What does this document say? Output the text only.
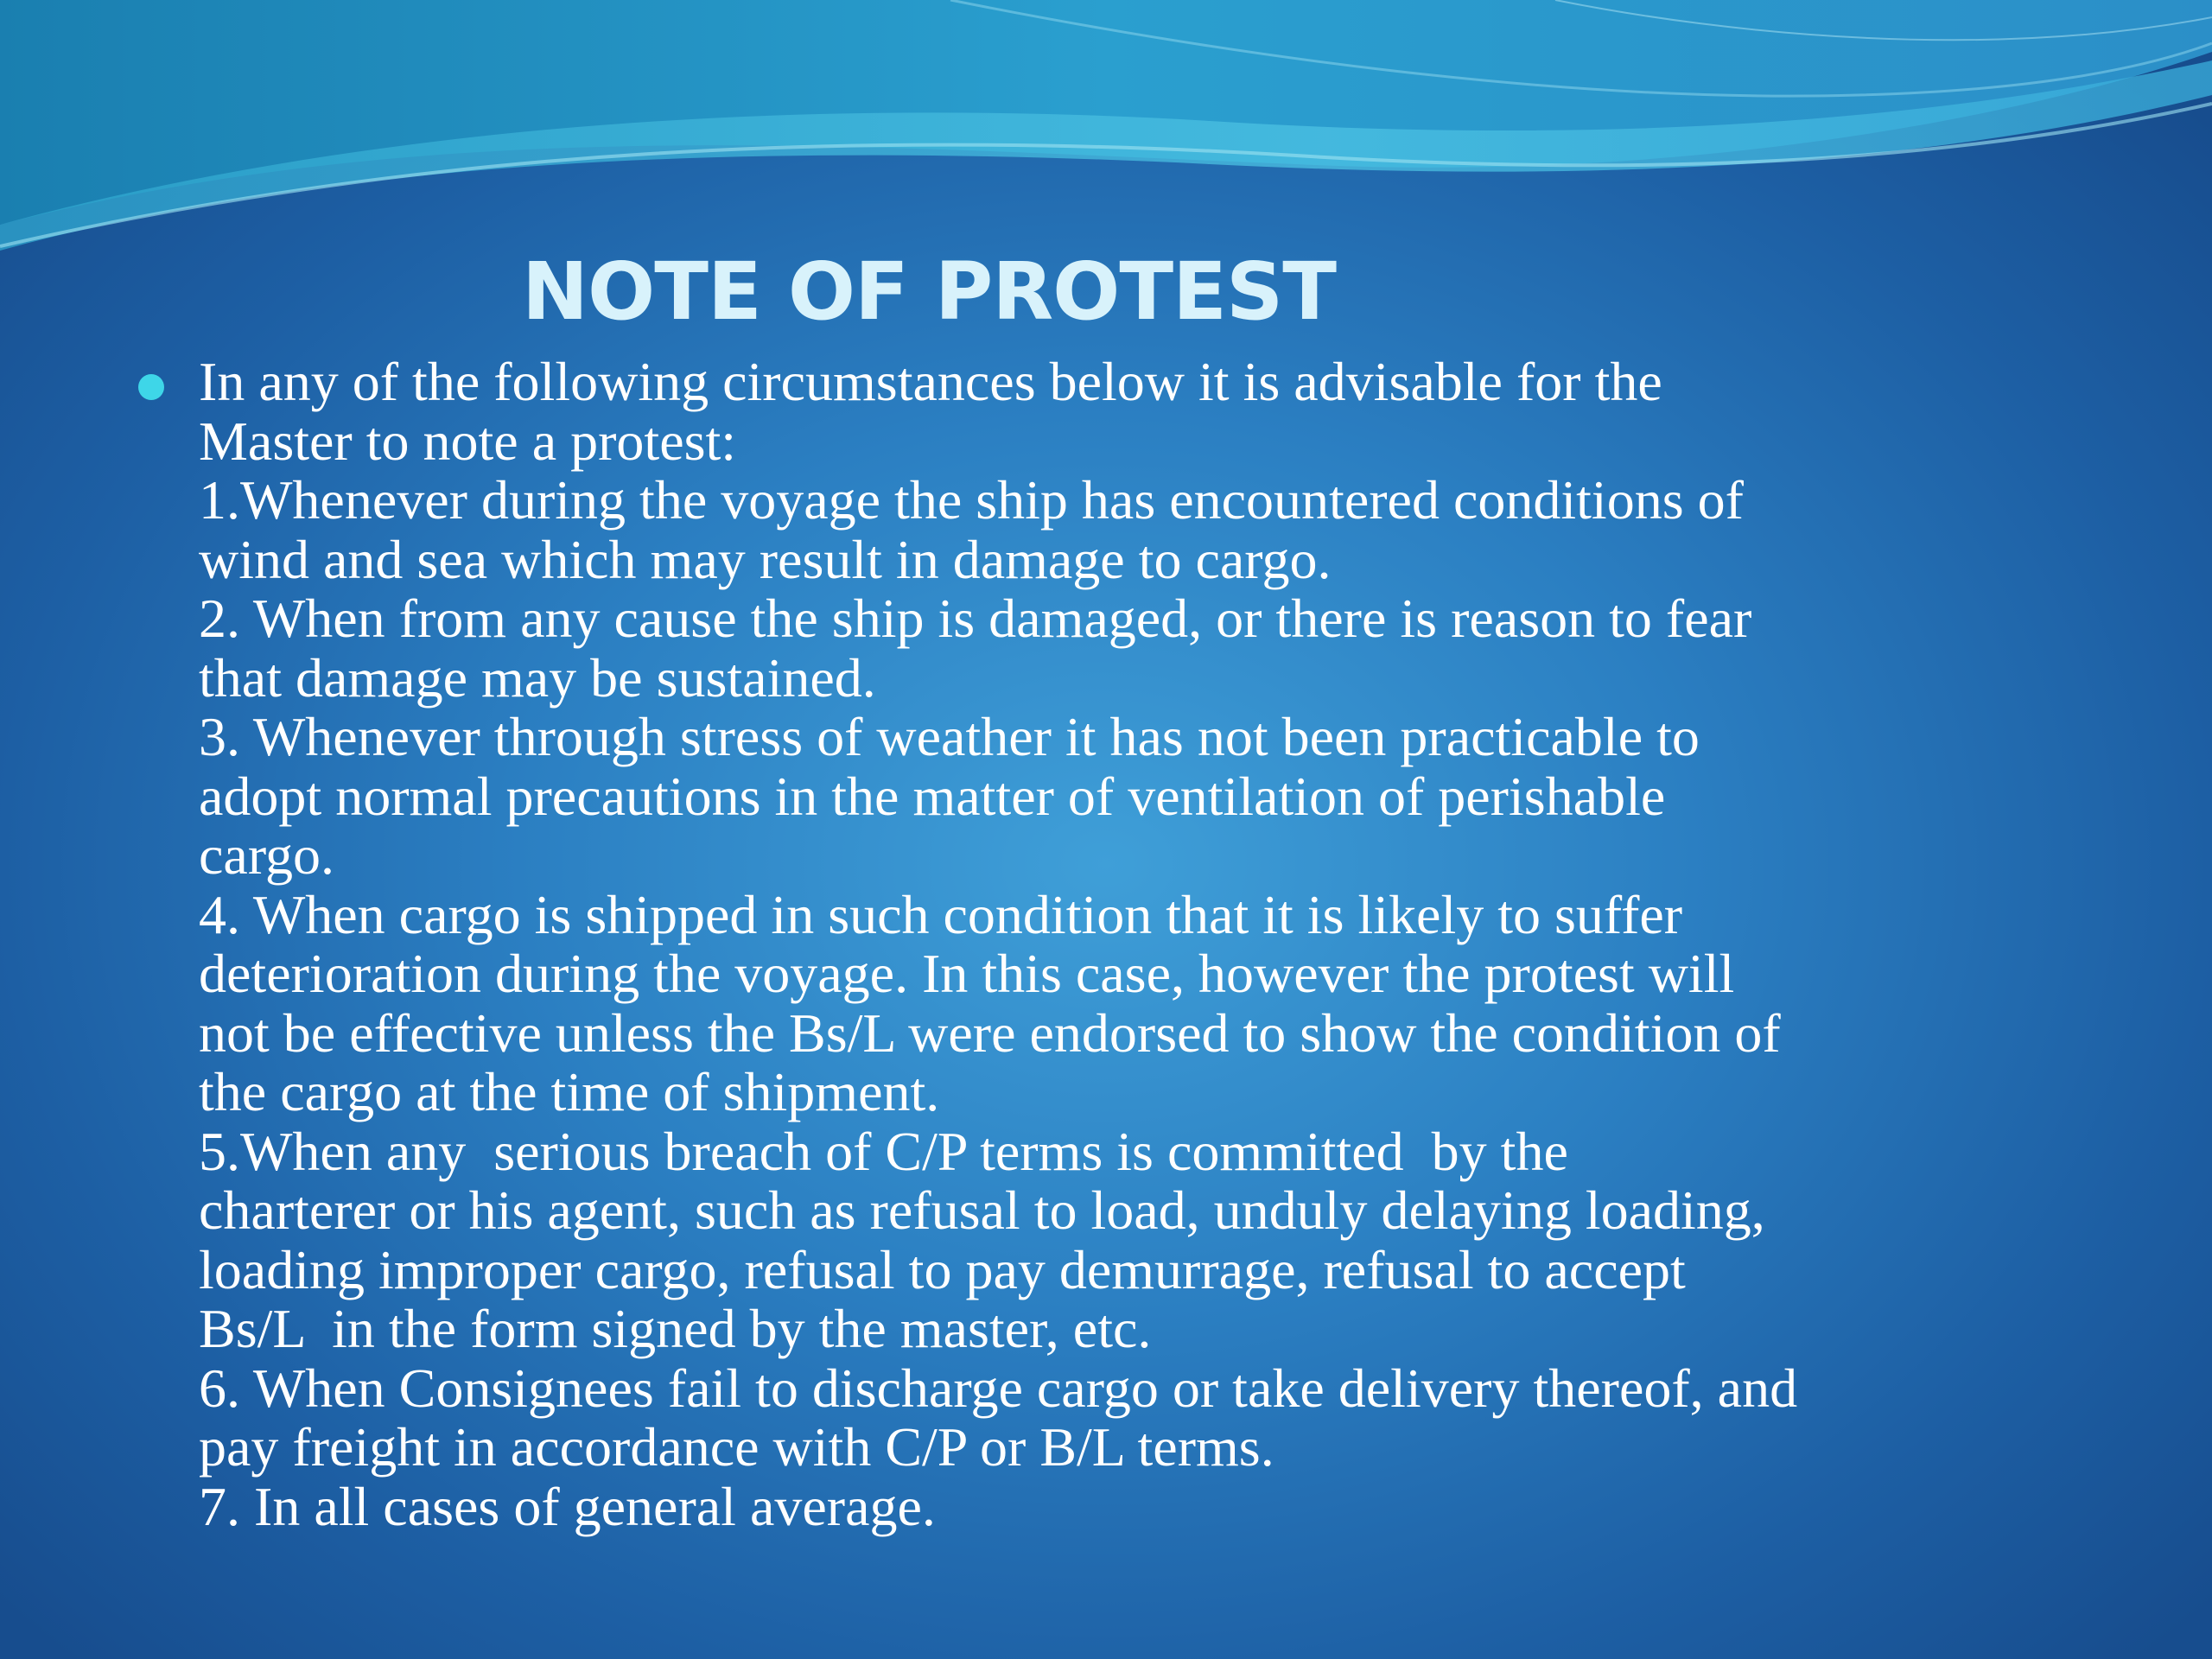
NOTE OF PROTEST
In any of the following circumstances below it is advisable for the
Master to note a protest:
1.Whenever during the voyage the ship has encountered conditions of
wind and sea which may result in damage to cargo.
2. When from any cause the ship is damaged, or there is reason to fear
that damage may be sustained.
3. Whenever through stress of weather it has not been practicable to
adopt normal precautions in the matter of ventilation of perishable
cargo.
4. When cargo is shipped in such condition that it is likely to suffer
deterioration during the voyage. In this case, however the protest will
not be effective unless the Bs/L were endorsed to show the condition of
the cargo at the time of shipment.
5.When any  serious breach of C/P terms is committed  by the
charterer or his agent, such as refusal to load, unduly delaying loading,
loading improper cargo, refusal to pay demurrage, refusal to accept
Bs/L  in the form signed by the master, etc.
6. When Consignees fail to discharge cargo or take delivery thereof, and
pay freight in accordance with C/P or B/L terms.
7. In all cases of general average.
